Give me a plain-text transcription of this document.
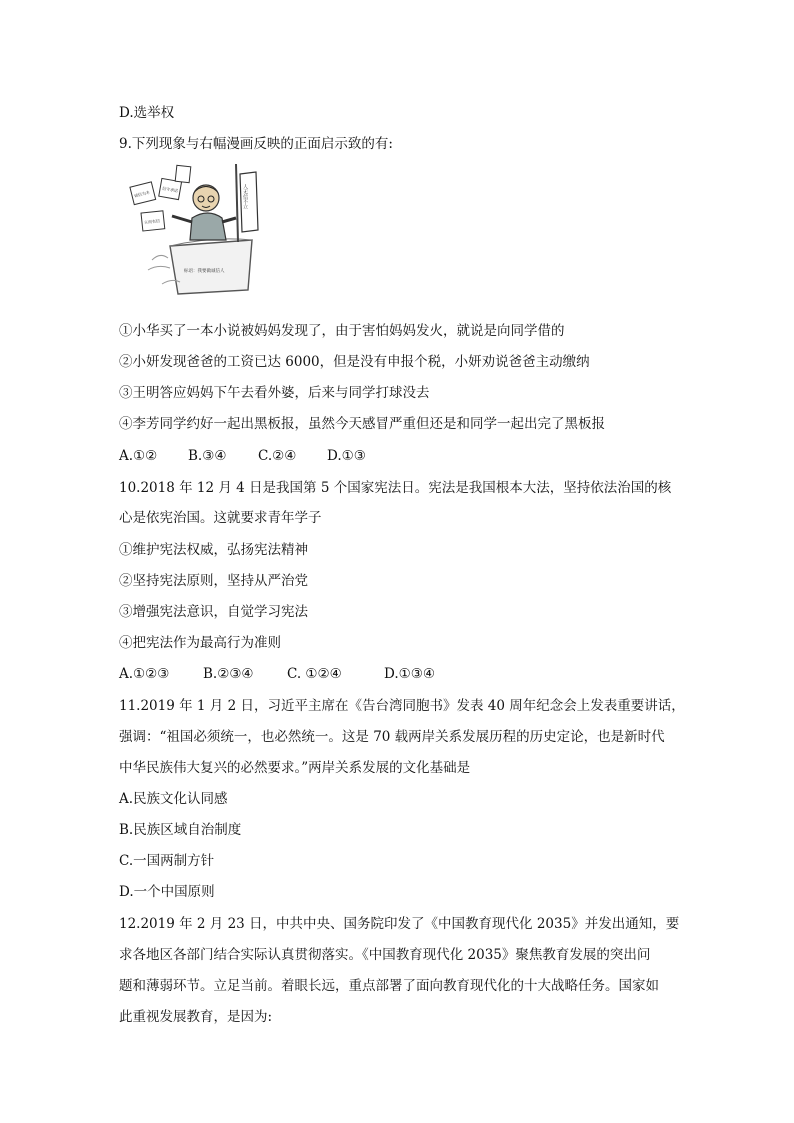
D.选举权
9.下列现象与右幅漫画反映的正面启示致的有:
标语：我要做诚信人
人无信不立
诚信为本
信守承诺
言而有信
①小华买了一本小说被妈妈发现了，由于害怕妈妈发火，就说是向同学借的
②小妍发现爸爸的工资已达 6000，但是没有申报个税，小妍劝说爸爸主动缴纳
③王明答应妈妈下午去看外婆，后来与同学打球没去
④李芳同学约好一起出黑板报，虽然今天感冒严重但还是和同学一起出完了黑板报
A.①② B.③④ C.②④ D.①③
10.2018 年 12 月 4 日是我国第 5 个国家宪法日。宪法是我国根本大法，坚持依法治国的核
心是依宪治国。这就要求青年学子
①维护宪法权威，弘扬宪法精神
②坚持宪法原则，坚持从严治党
③增强宪法意识，自觉学习宪法
④把宪法作为最高行为准则
A.①②③ B.②③④ C. ①②④	D.①③④
11.2019 年 1 月 2 日，习近平主席在《告台湾同胞书》发表 40 周年纪念会上发表重要讲话，
强调：“祖国必须统一，也必然统一。这是 70 载两岸关系发展历程的历史定论，也是新时代
中华民族伟大复兴的必然要求。”两岸关系发展的文化基础是
A.民族文化认同感
B.民族区域自治制度
C.一国两制方针
D.一个中国原则
12.2019 年 2 月 23 日，中共中央、国务院印发了《中国教育现代化 2035》并发出通知，要
求各地区各部门结合实际认真贯彻落实。《中国教育现代化 2035》聚焦教育发展的突出问
题和薄弱环节。立足当前。着眼长远，重点部署了面向教育现代化的十大战略任务。国家如
此重视发展教育，是因为:
